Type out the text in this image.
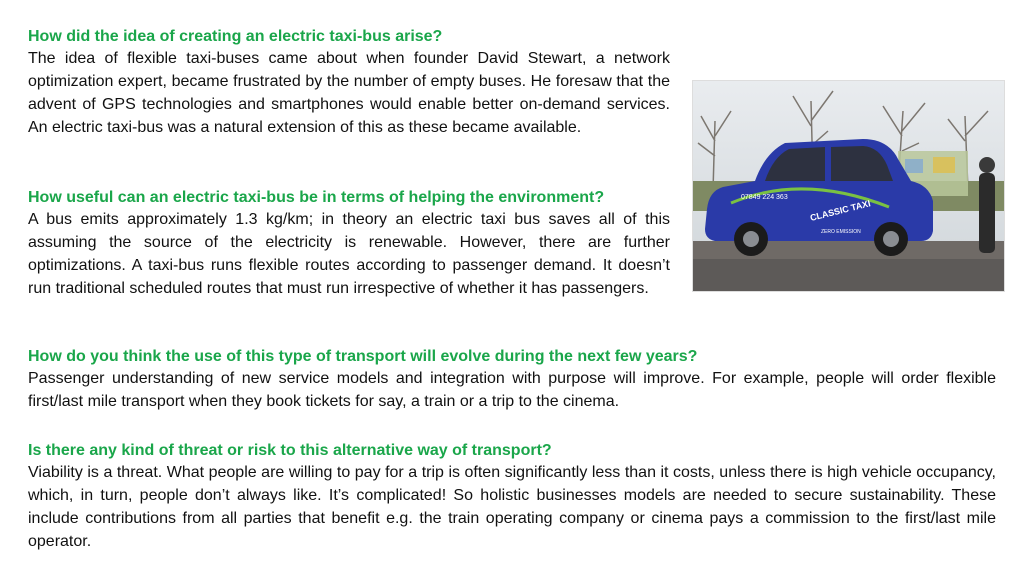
How did the idea of creating an electric taxi-bus arise?

The idea of flexible taxi-buses came about when founder David Stewart, a network optimization expert, became frustrated by the number of empty buses. He foresaw that the advent of GPS technologies and smartphones would enable better on-demand services. An electric taxi-bus was a natural extension of this as these became available.

How useful can an electric taxi-bus be in terms of helping the environment?

A bus emits approximately 1.3 kg/km; in theory an electric taxi bus saves all of this assuming the source of the electricity is renewable. However, there are further optimizations. A taxi-bus runs flexible routes according to passenger demand. It doesn’t run traditional scheduled routes that must run irrespective of whether it has passengers.

How do you think the use of this type of transport will evolve during the next few years?

Passenger understanding of new service models and integration with purpose will improve. For example, people will order flexible first/last mile transport when they book tickets for say, a train or a trip to the cinema.

Is there any kind of threat or risk to this alternative way of transport?

Viability is a threat. What people are willing to pay for a trip is often significantly less than it costs, unless there is high vehicle occupancy, which, in turn, people don’t always like. It’s complicated! So holistic businesses models are needed to secure sustainability. These include contributions from all parties that benefit e.g. the train operating company or cinema pays a commission to the first/last mile operator.

07849 224 363
CLASSIC TAXI
ZERO EMISSION
